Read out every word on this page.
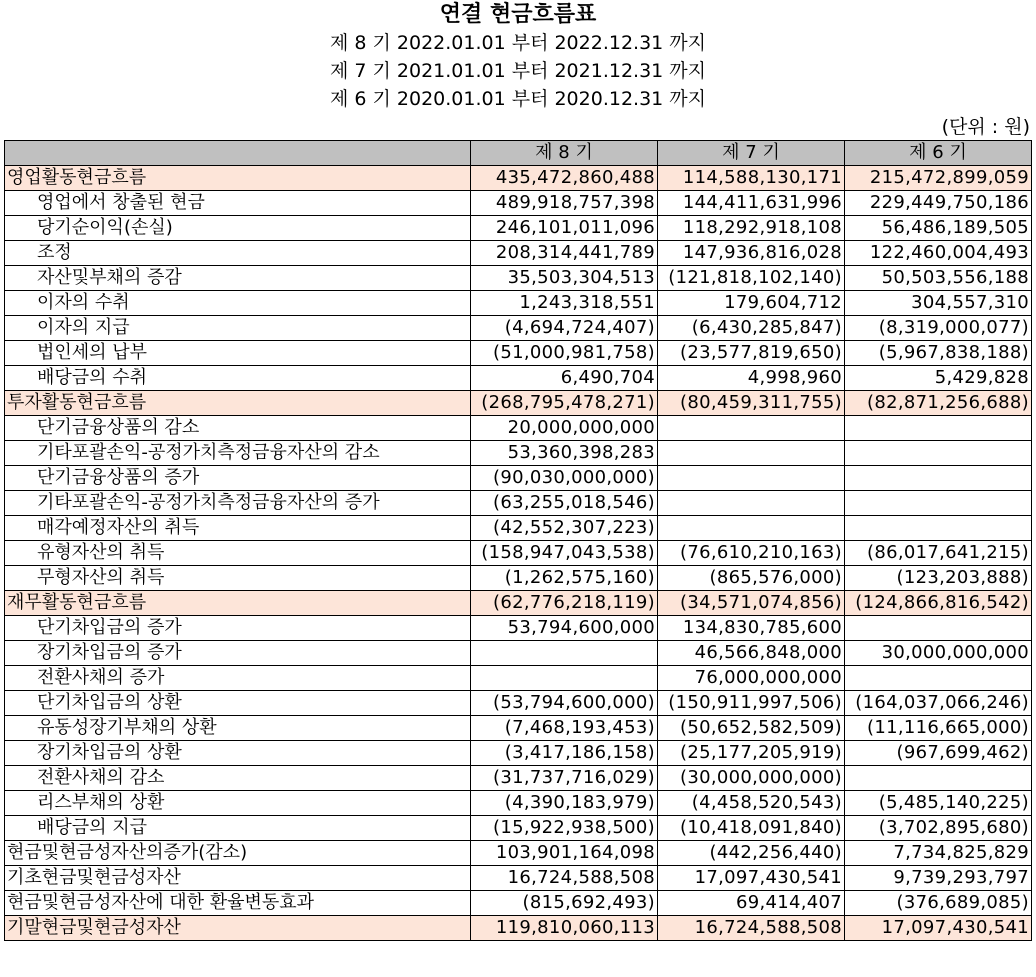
연결 현금흐름표
제 8 기 2022.01.01 부터 2022.12.31 까지
제 7 기 2021.01.01 부터 2021.12.31 까지
제 6 기 2020.01.01 부터 2020.12.31 까지
(단위 : 원)
	제 8 기	제 7 기	제 6 기
영업활동현금흐름	435,472,860,488	114,588,130,171	215,472,899,059
영업에서 창출된 현금	489,918,757,398	144,411,631,996	229,449,750,186
당기순이익(손실)	246,101,011,096	118,292,918,108	56,486,189,505
조정	208,314,441,789	147,936,816,028	122,460,004,493
자산및부채의 증감	35,503,304,513	(121,818,102,140)	50,503,556,188
이자의 수취	1,243,318,551	179,604,712	304,557,310
이자의 지급	(4,694,724,407)	(6,430,285,847)	(8,319,000,077)
법인세의 납부	(51,000,981,758)	(23,577,819,650)	(5,967,838,188)
배당금의 수취	6,490,704	4,998,960	5,429,828
투자활동현금흐름	(268,795,478,271)	(80,459,311,755)	(82,871,256,688)
단기금융상품의 감소	20,000,000,000		
기타포괄손익-공정가치측정금융자산의 감소	53,360,398,283		
단기금융상품의 증가	(90,030,000,000)		
기타포괄손익-공정가치측정금융자산의 증가	(63,255,018,546)		
매각예정자산의 취득	(42,552,307,223)		
유형자산의 취득	(158,947,043,538)	(76,610,210,163)	(86,017,641,215)
무형자산의 취득	(1,262,575,160)	(865,576,000)	(123,203,888)
재무활동현금흐름	(62,776,218,119)	(34,571,074,856)	(124,866,816,542)
단기차입금의 증가	53,794,600,000	134,830,785,600	
장기차입금의 증가		46,566,848,000	30,000,000,000
전환사채의 증가		76,000,000,000	
단기차입금의 상환	(53,794,600,000)	(150,911,997,506)	(164,037,066,246)
유동성장기부채의 상환	(7,468,193,453)	(50,652,582,509)	(11,116,665,000)
장기차입금의 상환	(3,417,186,158)	(25,177,205,919)	(967,699,462)
전환사채의 감소	(31,737,716,029)	(30,000,000,000)	
리스부채의 상환	(4,390,183,979)	(4,458,520,543)	(5,485,140,225)
배당금의 지급	(15,922,938,500)	(10,418,091,840)	(3,702,895,680)
현금및현금성자산의증가(감소)	103,901,164,098	(442,256,440)	7,734,825,829
기초현금및현금성자산	16,724,588,508	17,097,430,541	9,739,293,797
현금및현금성자산에 대한 환율변동효과	(815,692,493)	69,414,407	(376,689,085)
기말현금및현금성자산	119,810,060,113	16,724,588,508	17,097,430,541
